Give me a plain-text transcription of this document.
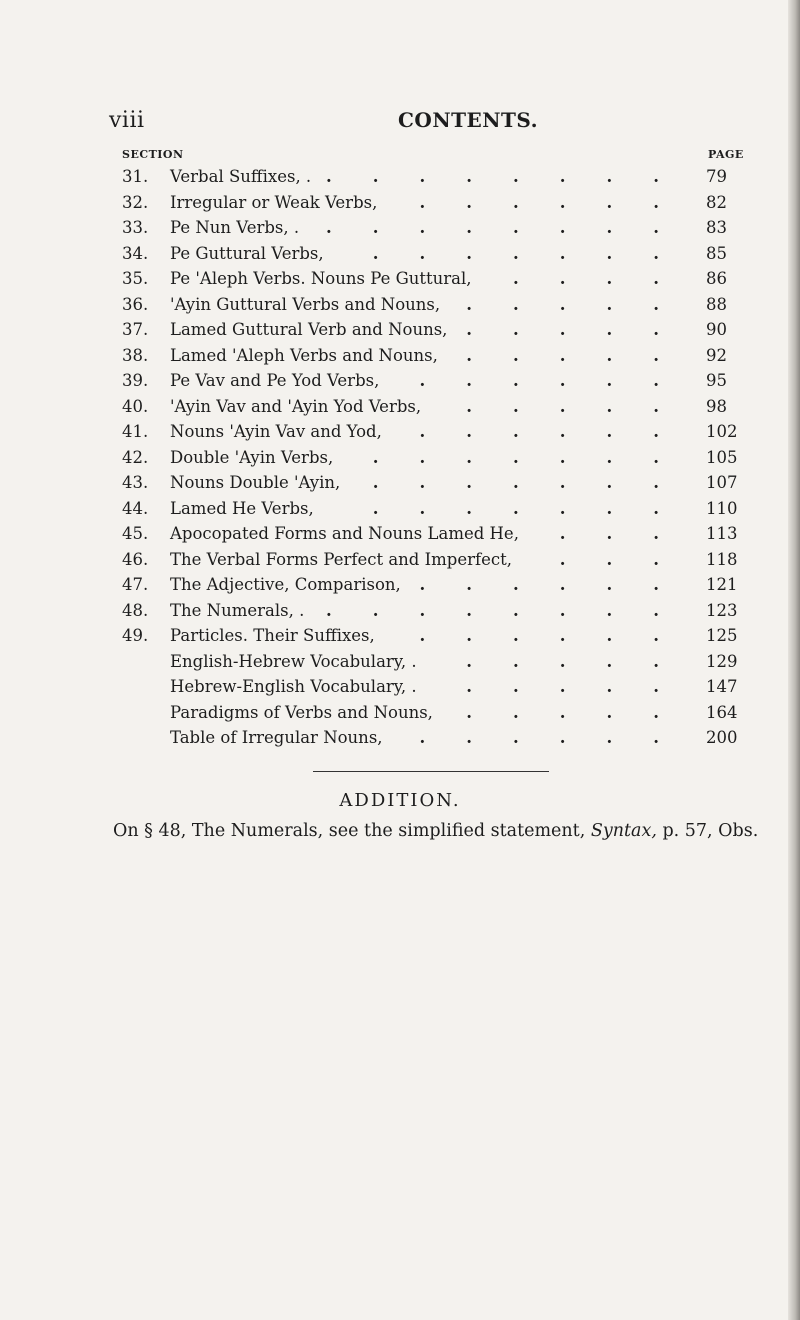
viii	CONTENTS.
SECTION	PAGE
31.	Verbal Suffixes, .	79
........
32.	Irregular or Weak Verbs,	82
......
33.	Pe Nun Verbs, .	83
........
34.	Pe Guttural Verbs,	85
.......
35.	Pe 'Aleph Verbs. Nouns Pe Guttural,	86
....
36.	'Ayin Guttural Verbs and Nouns,	88
.....
37.	Lamed Guttural Verb and Nouns,	90
.....
38.	Lamed 'Aleph Verbs and Nouns,	92
.....
39.	Pe Vav and Pe Yod Verbs,	95
......
40.	'Ayin Vav and 'Ayin Yod Verbs,	98
.....
41.	Nouns 'Ayin Vav and Yod,	102
......
42.	Double 'Ayin Verbs,	105
.......
43.	Nouns Double 'Ayin,	107
.......
44.	Lamed He Verbs,	110
.......
45.	Apocopated Forms and Nouns Lamed He,	113
...
46.	The Verbal Forms Perfect and Imperfect,	118
...
47.	The Adjective, Comparison,	121
......
48.	The Numerals, .	123
........
49.	Particles. Their Suffixes,	125
......
English-Hebrew Vocabulary, .	129
.....
Hebrew-English Vocabulary, .	147
.....
Paradigms of Verbs and Nouns,	164
.....
Table of Irregular Nouns,	200
......
ADDITION.
On § 48, The Numerals, see the simplified statement, Syntax, p. 57, Obs.
